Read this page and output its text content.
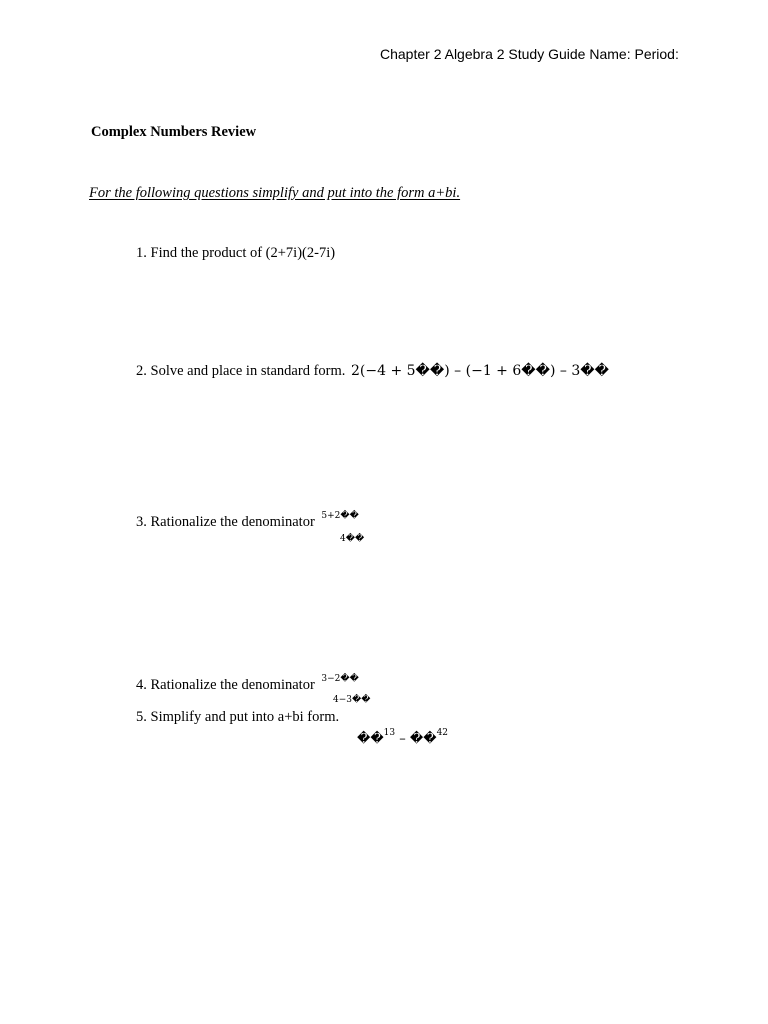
Chapter 2 Algebra 2 Study Guide Name: Period:
Complex Numbers Review
For the following questions simplify and put into the form a+bi.
1. Find the product of (2+7i)(2-7i)
2. Solve and place in standard form. 2(−4 + 5��) – (−1 + 6��) – 3��
3. Rationalize the denominator $^{5+2��}$
4��
4. Rationalize the denominator $^{3-2��}$
4−3��
5. Simplify and put into a+bi form.
��$^{13}$ – ��$^{42}$
